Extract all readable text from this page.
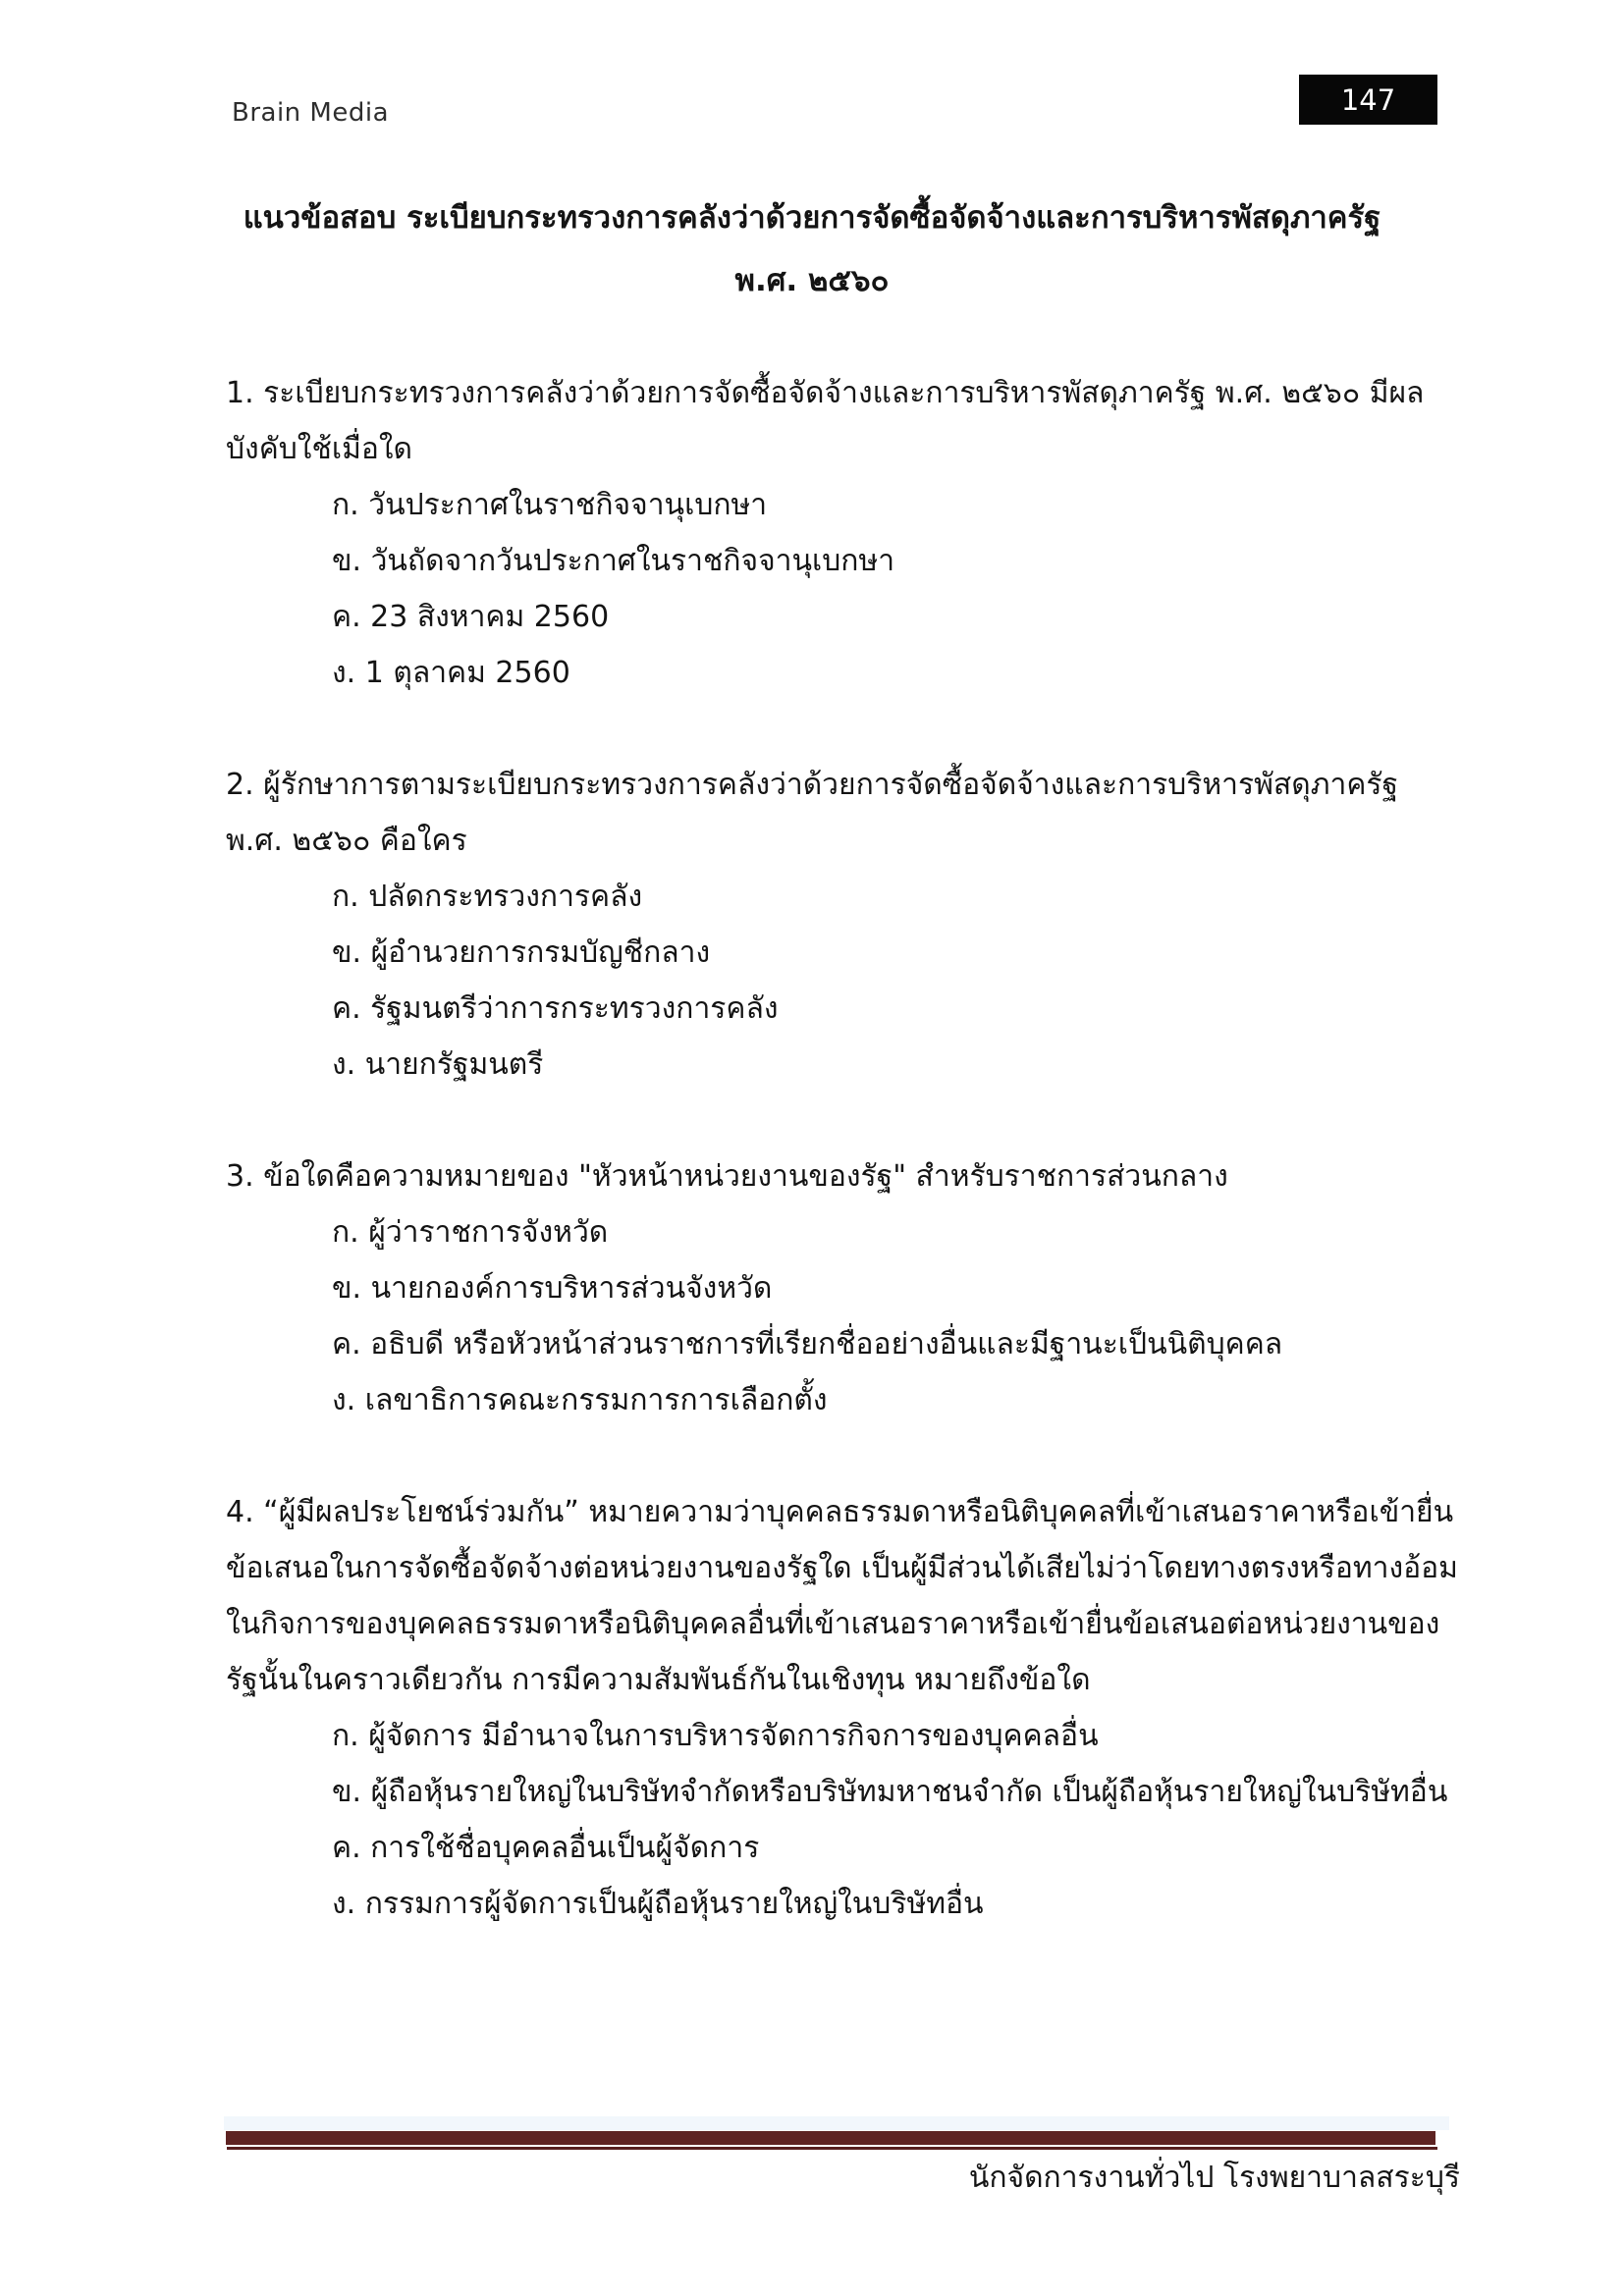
Brain Media	147
แนวข้อสอบ ระเบียบกระทรวงการคลังว่าด้วยการจัดซื้อจัดจ้างและการบริหารพัสดุภาครัฐ
พ.ศ. ๒๕๖๐

1. ระเบียบกระทรวงการคลังว่าด้วยการจัดซื้อจัดจ้างและการบริหารพัสดุภาครัฐ พ.ศ. ๒๕๖๐ มีผลบังคับใช้เมื่อใด

ก. วันประกาศในราชกิจจานุเบกษา

ข. วันถัดจากวันประกาศในราชกิจจานุเบกษา

ค. 23 สิงหาคม 2560

ง. 1 ตุลาคม 2560

2. ผู้รักษาการตามระเบียบกระทรวงการคลังว่าด้วยการจัดซื้อจัดจ้างและการบริหารพัสดุภาครัฐ พ.ศ. ๒๕๖๐ คือใคร

ก. ปลัดกระทรวงการคลัง

ข. ผู้อำนวยการกรมบัญชีกลาง

ค. รัฐมนตรีว่าการกระทรวงการคลัง

ง. นายกรัฐมนตรี

3. ข้อใดคือความหมายของ "หัวหน้าหน่วยงานของรัฐ" สำหรับราชการส่วนกลาง

ก. ผู้ว่าราชการจังหวัด

ข. นายกองค์การบริหารส่วนจังหวัด

ค. อธิบดี หรือหัวหน้าส่วนราชการที่เรียกชื่ออย่างอื่นและมีฐานะเป็นนิติบุคคล

ง. เลขาธิการคณะกรรมการการเลือกตั้ง

4. “ผู้มีผลประโยชน์ร่วมกัน” หมายความว่าบุคคลธรรมดาหรือนิติบุคคลที่เข้าเสนอราคาหรือเข้ายื่นข้อเสนอในการจัดซื้อจัดจ้างต่อหน่วยงานของรัฐใด เป็นผู้มีส่วนได้เสียไม่ว่าโดยทางตรงหรือทางอ้อมในกิจการของบุคคลธรรมดาหรือนิติบุคคลอื่นที่เข้าเสนอราคาหรือเข้ายื่นข้อเสนอต่อหน่วยงานของรัฐนั้นในคราวเดียวกัน การมีความสัมพันธ์กันในเชิงทุน หมายถึงข้อใด

ก. ผู้จัดการ มีอำนาจในการบริหารจัดการกิจการของบุคคลอื่น

ข. ผู้ถือหุ้นรายใหญ่ในบริษัทจำกัดหรือบริษัทมหาชนจำกัด เป็นผู้ถือหุ้นรายใหญ่ในบริษัทอื่น

ค. การใช้ชื่อบุคคลอื่นเป็นผู้จัดการ

ง. กรรมการผู้จัดการเป็นผู้ถือหุ้นรายใหญ่ในบริษัทอื่น

นักจัดการงานทั่วไป โรงพยาบาลสระบุรี
